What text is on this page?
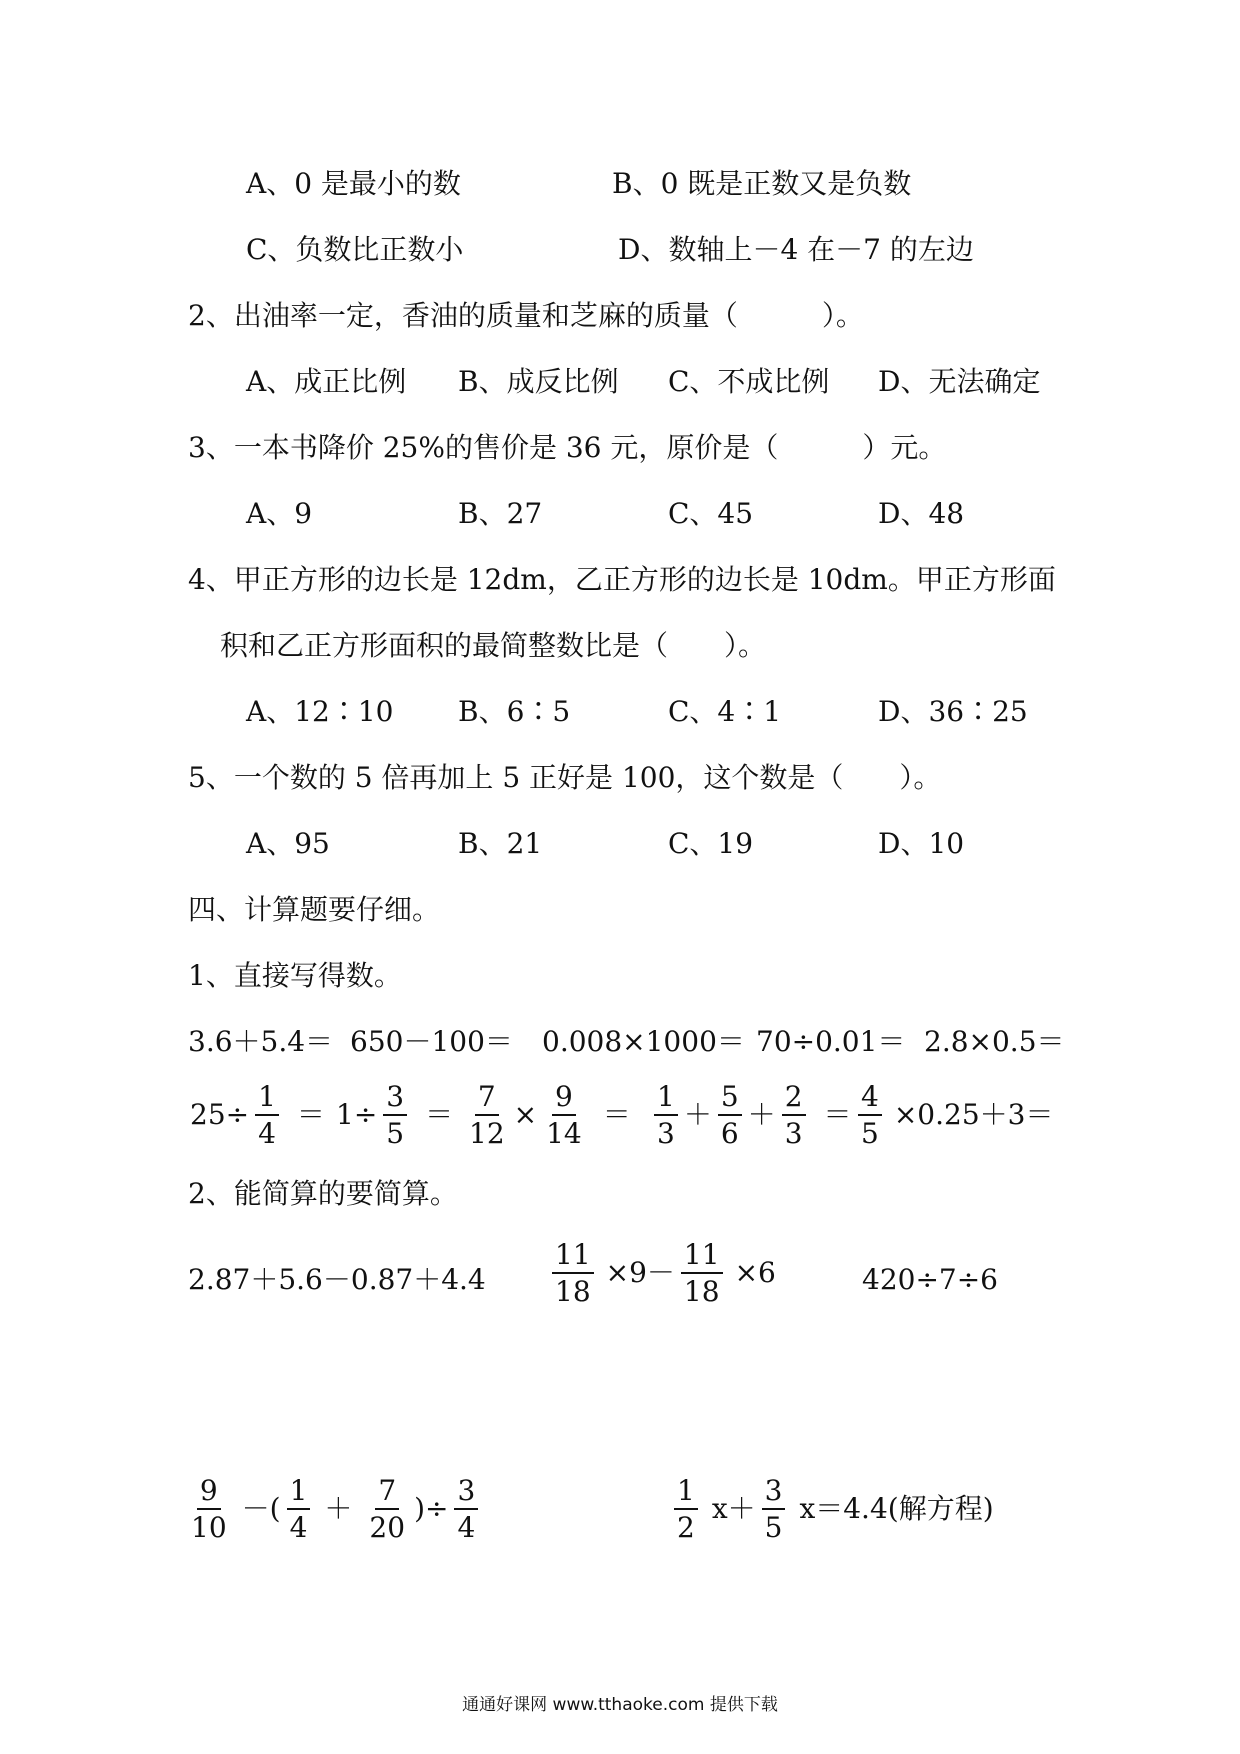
A、0 是最小的数	B、0 既是正数又是负数
C、负数比正数小	D、数轴上－4 在－7 的左边
2、出油率一定，香油的质量和芝麻的质量（　　　）。
A、成正比例 B、成反比例 C、不成比例 D、无法确定
3、一本书降价 25%的售价是 36 元，原价是（　　　）元。
A、9	B、27	C、45	D、48
4、甲正方形的边长是 12dm，乙正方形的边长是 10dm。甲正方形面
积和乙正方形面积的最简整数比是（　　）。
A、12∶10 B、6∶5	C、4∶1	D、36∶25
5、一个数的 5 倍再加上 5 正好是 100，这个数是（　　）。
A、95	B、21	C、19	D、10
四、计算题要仔细。
1、直接写得数。
3.6＋5.4＝ 650－100＝ 0.008×1000＝ 70÷0.01＝ 2.8×0.5＝
$25\div \frac{1}{4} = 1\div \frac{3}{5} = \frac{7}{12} \times \frac{9}{14} = \frac{1}{3} + \frac{5}{6} + \frac{2}{3} = \frac{4}{5} \times 0.25+3=$
2、能简算的要简算。
$2.87+5.6-0.87+4.4 \frac{11}{18} \times 9- \frac{11}{18} \times 6$	420÷7÷6
$\frac{9}{10}$ －( $\frac{1}{4} + \frac{7}{20}$ )÷ $\frac{3}{4}$	$\frac{1}{2} x+ \frac{3}{5} x=4.4$(解方程)
通通好课网 www.tthaoke.com 提供下载
